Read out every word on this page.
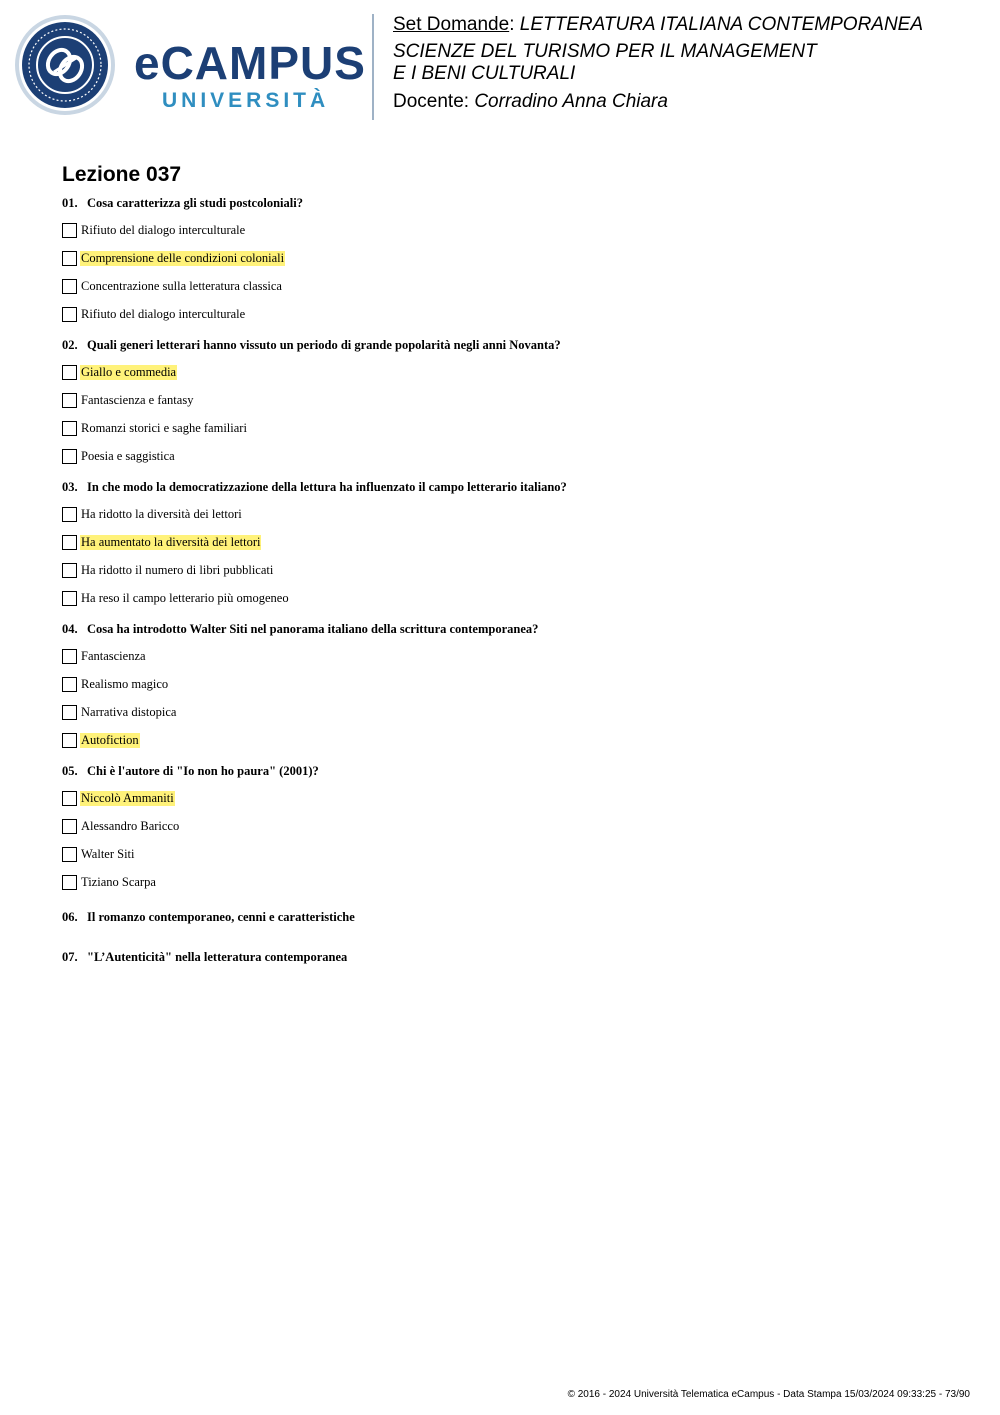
eCAMPUS
UNIVERSITÀ
Set Domande: LETTERATURA ITALIANA CONTEMPORANEA
SCIENZE DEL TURISMO PER IL MANAGEMENT
E I BENI CULTURALI
Docente: Corradino Anna Chiara
Lezione 037
01. Cosa caratterizza gli studi postcoloniali?
Rifiuto del dialogo interculturale
Comprensione delle condizioni coloniali
Concentrazione sulla letteratura classica
Rifiuto del dialogo interculturale
02. Quali generi letterari hanno vissuto un periodo di grande popolarità negli anni Novanta?
Giallo e commedia
Fantascienza e fantasy
Romanzi storici e saghe familiari
Poesia e saggistica
03. In che modo la democratizzazione della lettura ha influenzato il campo letterario italiano?
Ha ridotto la diversità dei lettori
Ha aumentato la diversità dei lettori
Ha ridotto il numero di libri pubblicati
Ha reso il campo letterario più omogeneo
04. Cosa ha introdotto Walter Siti nel panorama italiano della scrittura contemporanea?
Fantascienza
Realismo magico
Narrativa distopica
Autofiction
05. Chi è l'autore di "Io non ho paura" (2001)?
Niccolò Ammaniti
Alessandro Baricco
Walter Siti
Tiziano Scarpa
06. Il romanzo contemporaneo, cenni e caratteristiche
07. "L’Autenticità" nella letteratura contemporanea
© 2016 - 2024 Università Telematica eCampus - Data Stampa 15/03/2024 09:33:25 - 73/90
